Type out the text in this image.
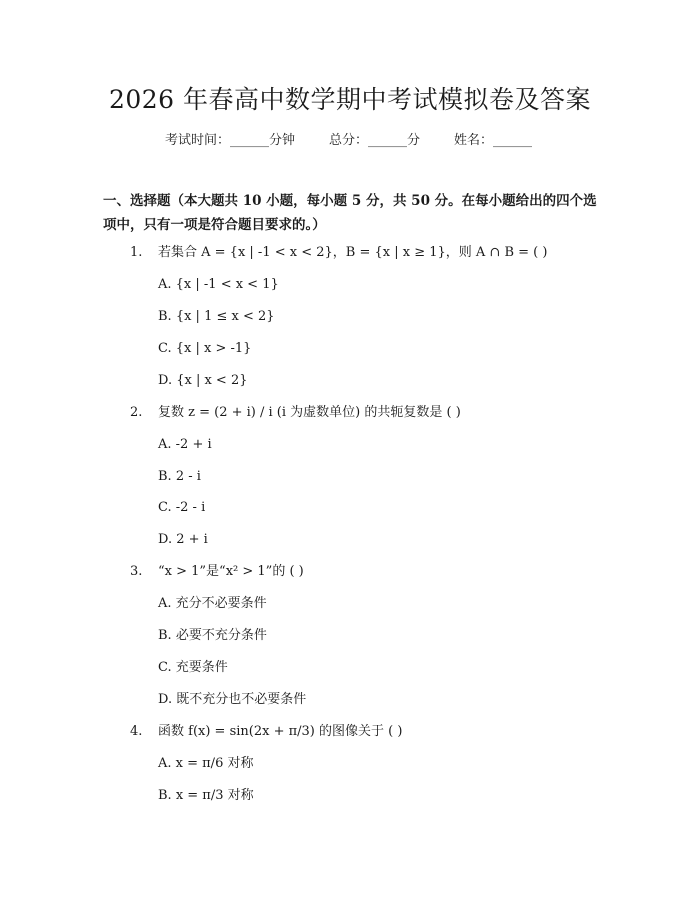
2026 年春高中数学期中考试模拟卷及答案
考试时间：______分钟	总分：______分	姓名：______
一、选择题（本大题共 10 小题，每小题 5 分，共 50 分。在每小题给出的四个选项中，只有一项是符合题目要求的。）
1. 若集合 A = {x | -1 < x < 2}，B = {x | x ≥ 1}，则 A ∩ B = ( )
A. {x | -1 < x < 1}
B. {x | 1 ≤ x < 2}
C. {x | x > -1}
D. {x | x < 2}
2. 复数 z = (2 + i) / i (i 为虚数单位) 的共轭复数是 ( )
A. -2 + i
B. 2 - i
C. -2 - i
D. 2 + i
3. “x > 1”是“x² > 1”的 ( )
A. 充分不必要条件
B. 必要不充分条件
C. 充要条件
D. 既不充分也不必要条件
4. 函数 f(x) = sin(2x + π/3) 的图像关于 ( )
A. x = π/6 对称
B. x = π/3 对称
